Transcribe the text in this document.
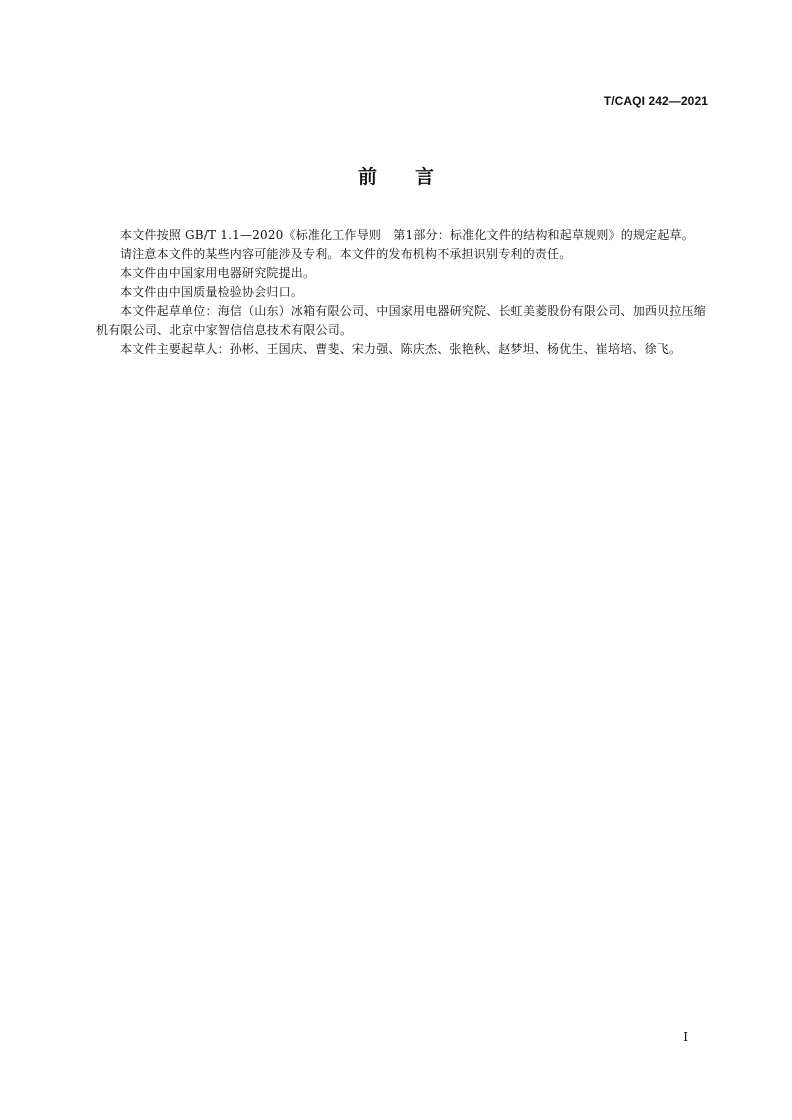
T/CAQI 242—2021
前 言

本文件按照 GB/T 1.1—2020《标准化工作导则　第1部分：标准化文件的结构和起草规则》的规定起草。

请注意本文件的某些内容可能涉及专利。本文件的发布机构不承担识别专利的责任。

本文件由中国家用电器研究院提出。

本文件由中国质量检验协会归口。

本文件起草单位：海信（山东）冰箱有限公司、中国家用电器研究院、长虹美菱股份有限公司、加西贝拉压缩机有限公司、北京中家智信信息技术有限公司。

本文件主要起草人：孙彬、王国庆、曹斐、宋力强、陈庆杰、张艳秋、赵梦坦、杨优生、崔培培、徐飞。

I
